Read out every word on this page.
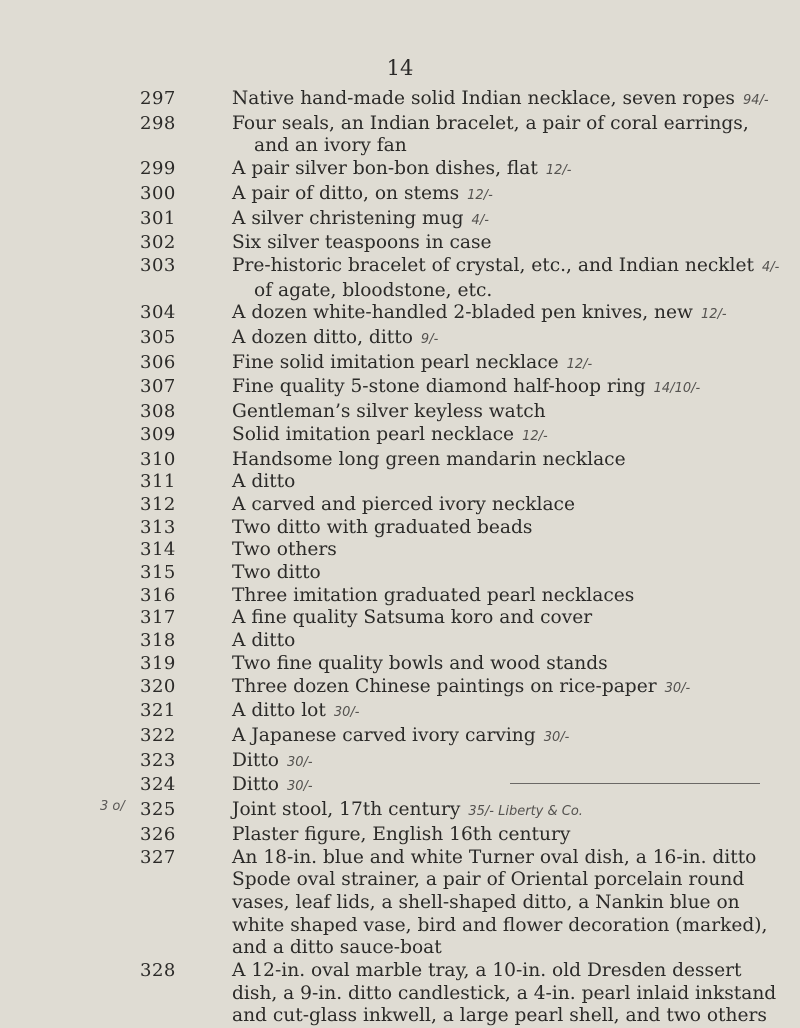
14
297	Native hand-made solid Indian necklace, seven ropes 94/-
298	Four seals, an Indian bracelet, a pair of coral earrings,
and an ivory fan
299	A pair silver bon-bon dishes, flat 12/-
300	A pair of ditto, on stems 12/-
301	A silver christening mug 4/-
302	Six silver teaspoons in case
303	Pre-historic bracelet of crystal, etc., and Indian necklet 4/-
of agate, bloodstone, etc.
304	A dozen white-handled 2-bladed pen knives, new 12/-
305	A dozen ditto, ditto 9/-
306	Fine solid imitation pearl necklace 12/-
307	Fine quality 5-stone diamond half-hoop ring 14/10/-
308	Gentleman’s silver keyless watch
309	Solid imitation pearl necklace 12/-
310	Handsome long green mandarin necklace
311	A ditto
312	A carved and pierced ivory necklace
313	Two ditto with graduated beads
314	Two others
315	Two ditto
316	Three imitation graduated pearl necklaces
317	A fine quality Satsuma koro and cover
318	A ditto
319	Two fine quality bowls and wood stands
320	Three dozen Chinese paintings on rice-paper 30/-
321	A ditto lot 30/-
322	A Japanese carved ivory carving 30/-
323	Ditto 30/-
324	Ditto 30/-
3 o/ 325	Joint stool, 17th century 35/- Liberty & Co.
326	Plaster figure, English 16th century
327	An 18-in. blue and white Turner oval dish, a 16-in. ditto Spode oval strainer, a pair of Oriental porcelain round vases, leaf lids, a shell-shaped ditto, a Nankin blue on white shaped vase, bird and flower decoration (marked), and a ditto sauce-boat
328	A 12-in. oval marble tray, a 10-in. old Dresden dessert dish, a 9-in. ditto candlestick, a 4-in. pearl inlaid inkstand and cut-glass inkwell, a large pearl shell, and two others
